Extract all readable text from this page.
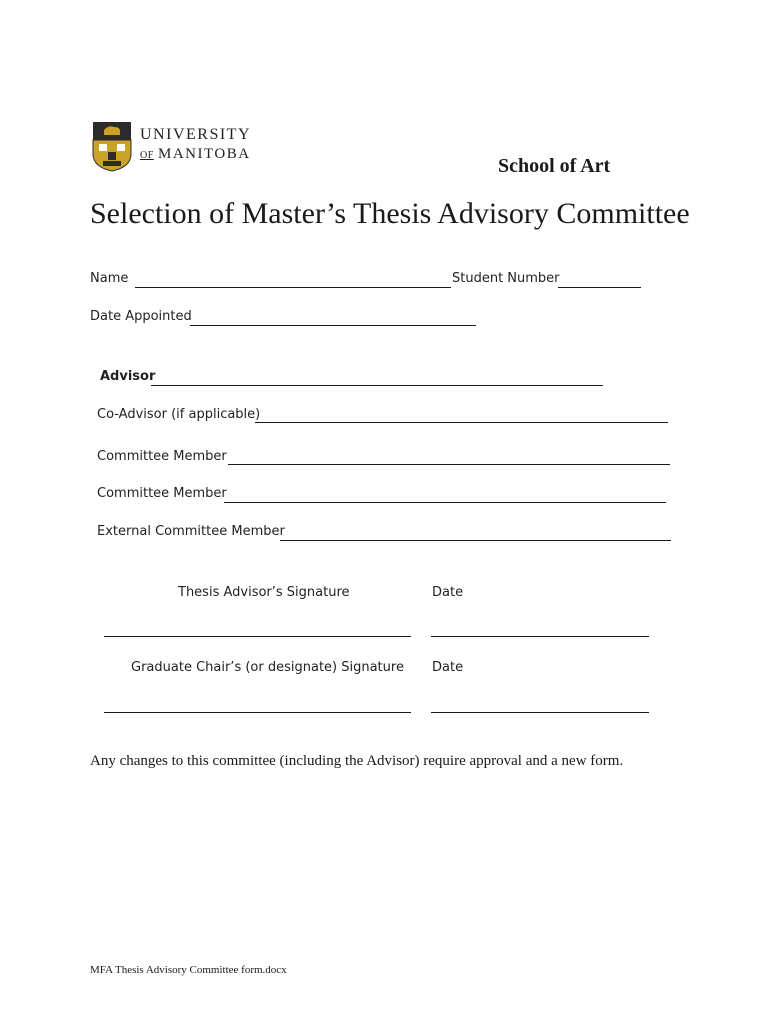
UNIVERSITY
OF MANITOBA
School of Art
Selection of Master’s Thesis Advisory Committee
Name	Student Number
Date Appointed
Advisor
Co-Advisor (if applicable)
Committee Member
Committee Member
External Committee Member
Thesis Advisor’s Signature	Date
Graduate Chair’s (or designate) Signature Date
Any changes to this committee (including the Advisor) require approval and a new form.
MFA Thesis Advisory Committee form.docx
